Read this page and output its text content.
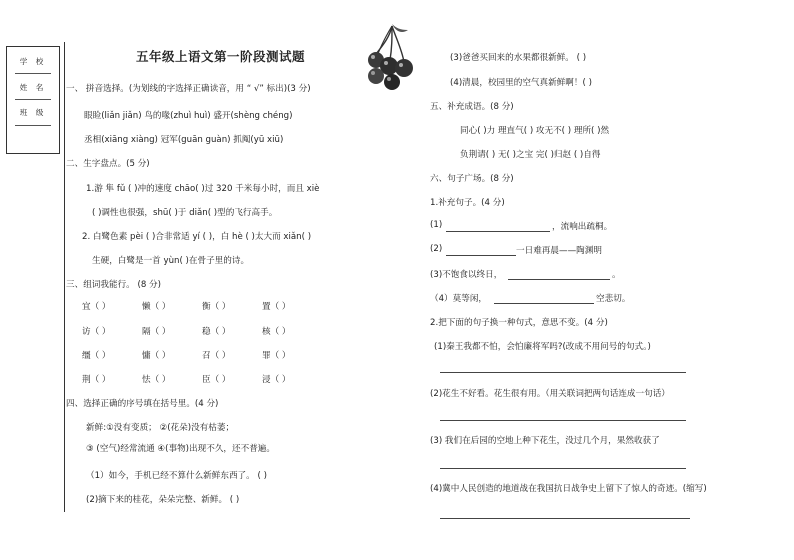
学 校
姓 名
班 级
五年级上语文第一阶段测试题
一、 拼音选择。(为划线的字选择正确读音，用 “ √” 标出)(3 分)
眼睑(liǎn jiǎn) 鸟的喙(zhuì huì) 盛开(shèng chéng)
丞相(xiāng xiàng) 冠军(guān guàn) 抓阄(yū xiū)
二、生字盘点。(5 分)
1.游 隼 fǔ ( )冲的速度 chāo( )过 320 千米每小时，而且 xiè
( )调性也很强，shū( )于 diǎn( )型的飞行高手。
2. 白鹭色素 pèi ( )合非常适 yí ( )，白 hè ( )太大而 xiǎn( )
生硬，白鹭是一首 yùn( )在骨子里的诗。
三、组词我能行。 (8 分)
宜（ ）	懒（ ）	衡（ ）	置（ ）
访（ ）	隔（ ）	稳（ ）	核（ ）
缰（ ）	慵（ ）	召（ ）	罪（ ）
荆（ ）	怯（ ）	臣（ ）	浸（ ）
四、选择正确的序号填在括号里。(4 分)
新鲜:①没有变质； ②(花朵)没有枯萎；
③ (空气)经常流通 ④(事物)出现不久，还不普遍。
（1）如今，手机已经不算什么新鲜东西了。 ( )
(2)摘下来的桂花，朵朵完整、新鲜。 ( )
(3)爸爸买回来的水果都很新鲜。 ( )
(4)清晨，校园里的空气真新鲜啊！( )
五、补充成语。(8 分)
同心( )力 理直气( ) 攻无不( ) 理所( )然
负荆请( ) 无( )之宝 完( )归赵 ( )自得
六、句子广场。(8 分)
1.补充句子。(4 分)
(1)	，流响出疏桐。
(2)	一日难再晨——陶渊明
(3)不饱食以终日，	。
（4）莫等闲，	空悲切。
2.把下面的句子换一种句式，意思不变。(4 分)
(1)秦王我都不怕，会怕廉将军吗?(改成不用问号的句式。)
(2)花生不好看。花生很有用。（用关联词把两句话连成一句话）
(3) 我们在后园的空地上种下花生，没过几个月，果然收获了
(4)冀中人民创造的地道战在我国抗日战争史上留下了惊人的奇迹。(缩写)
